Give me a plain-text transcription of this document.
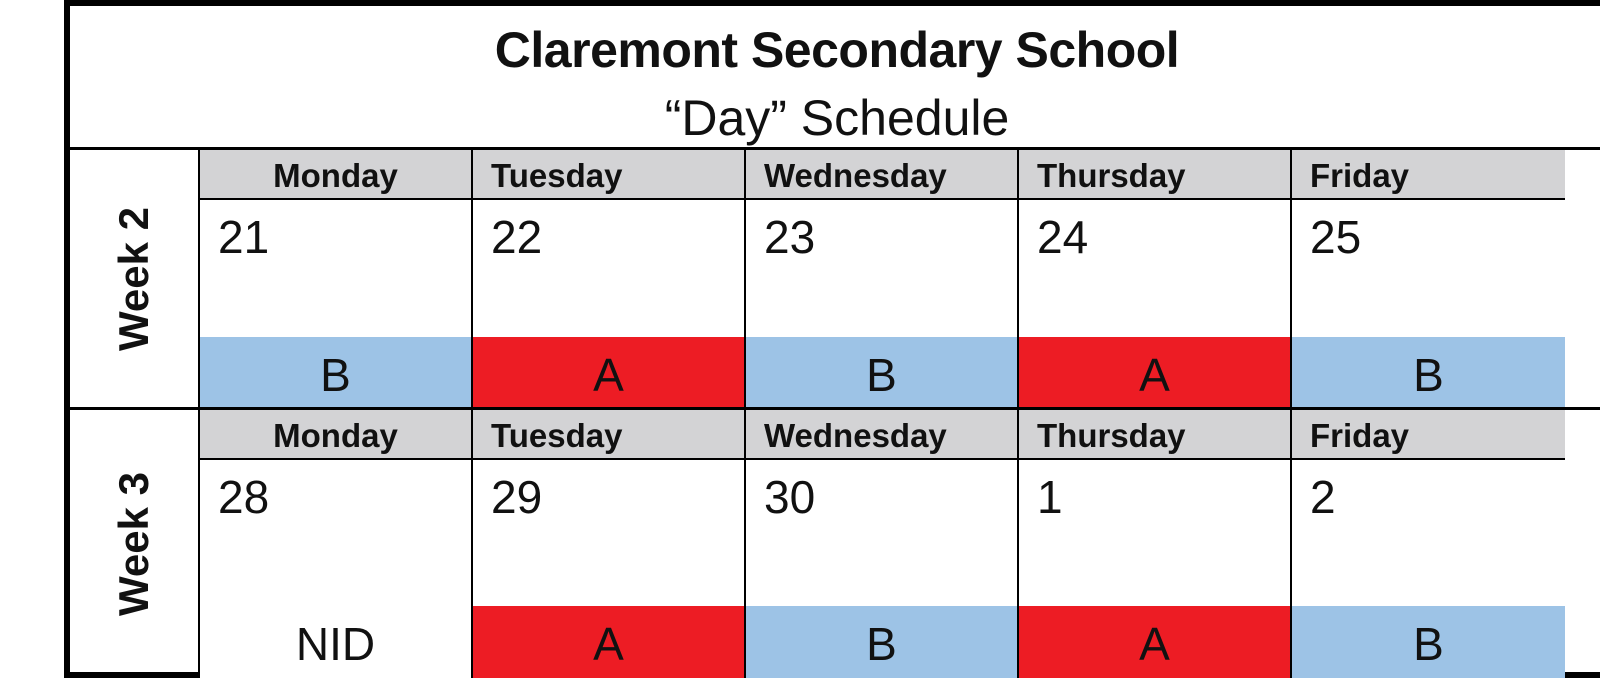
Claremont Secondary School
“Day” Schedule
Week 2
Monday
21
B
Tuesday
22
A
Wednesday
23
B
Thursday
24
A
Friday
25
B
Week 3
Monday
28
NID
Tuesday
29
A
Wednesday
30
B
Thursday
1
A
Friday
2
B
